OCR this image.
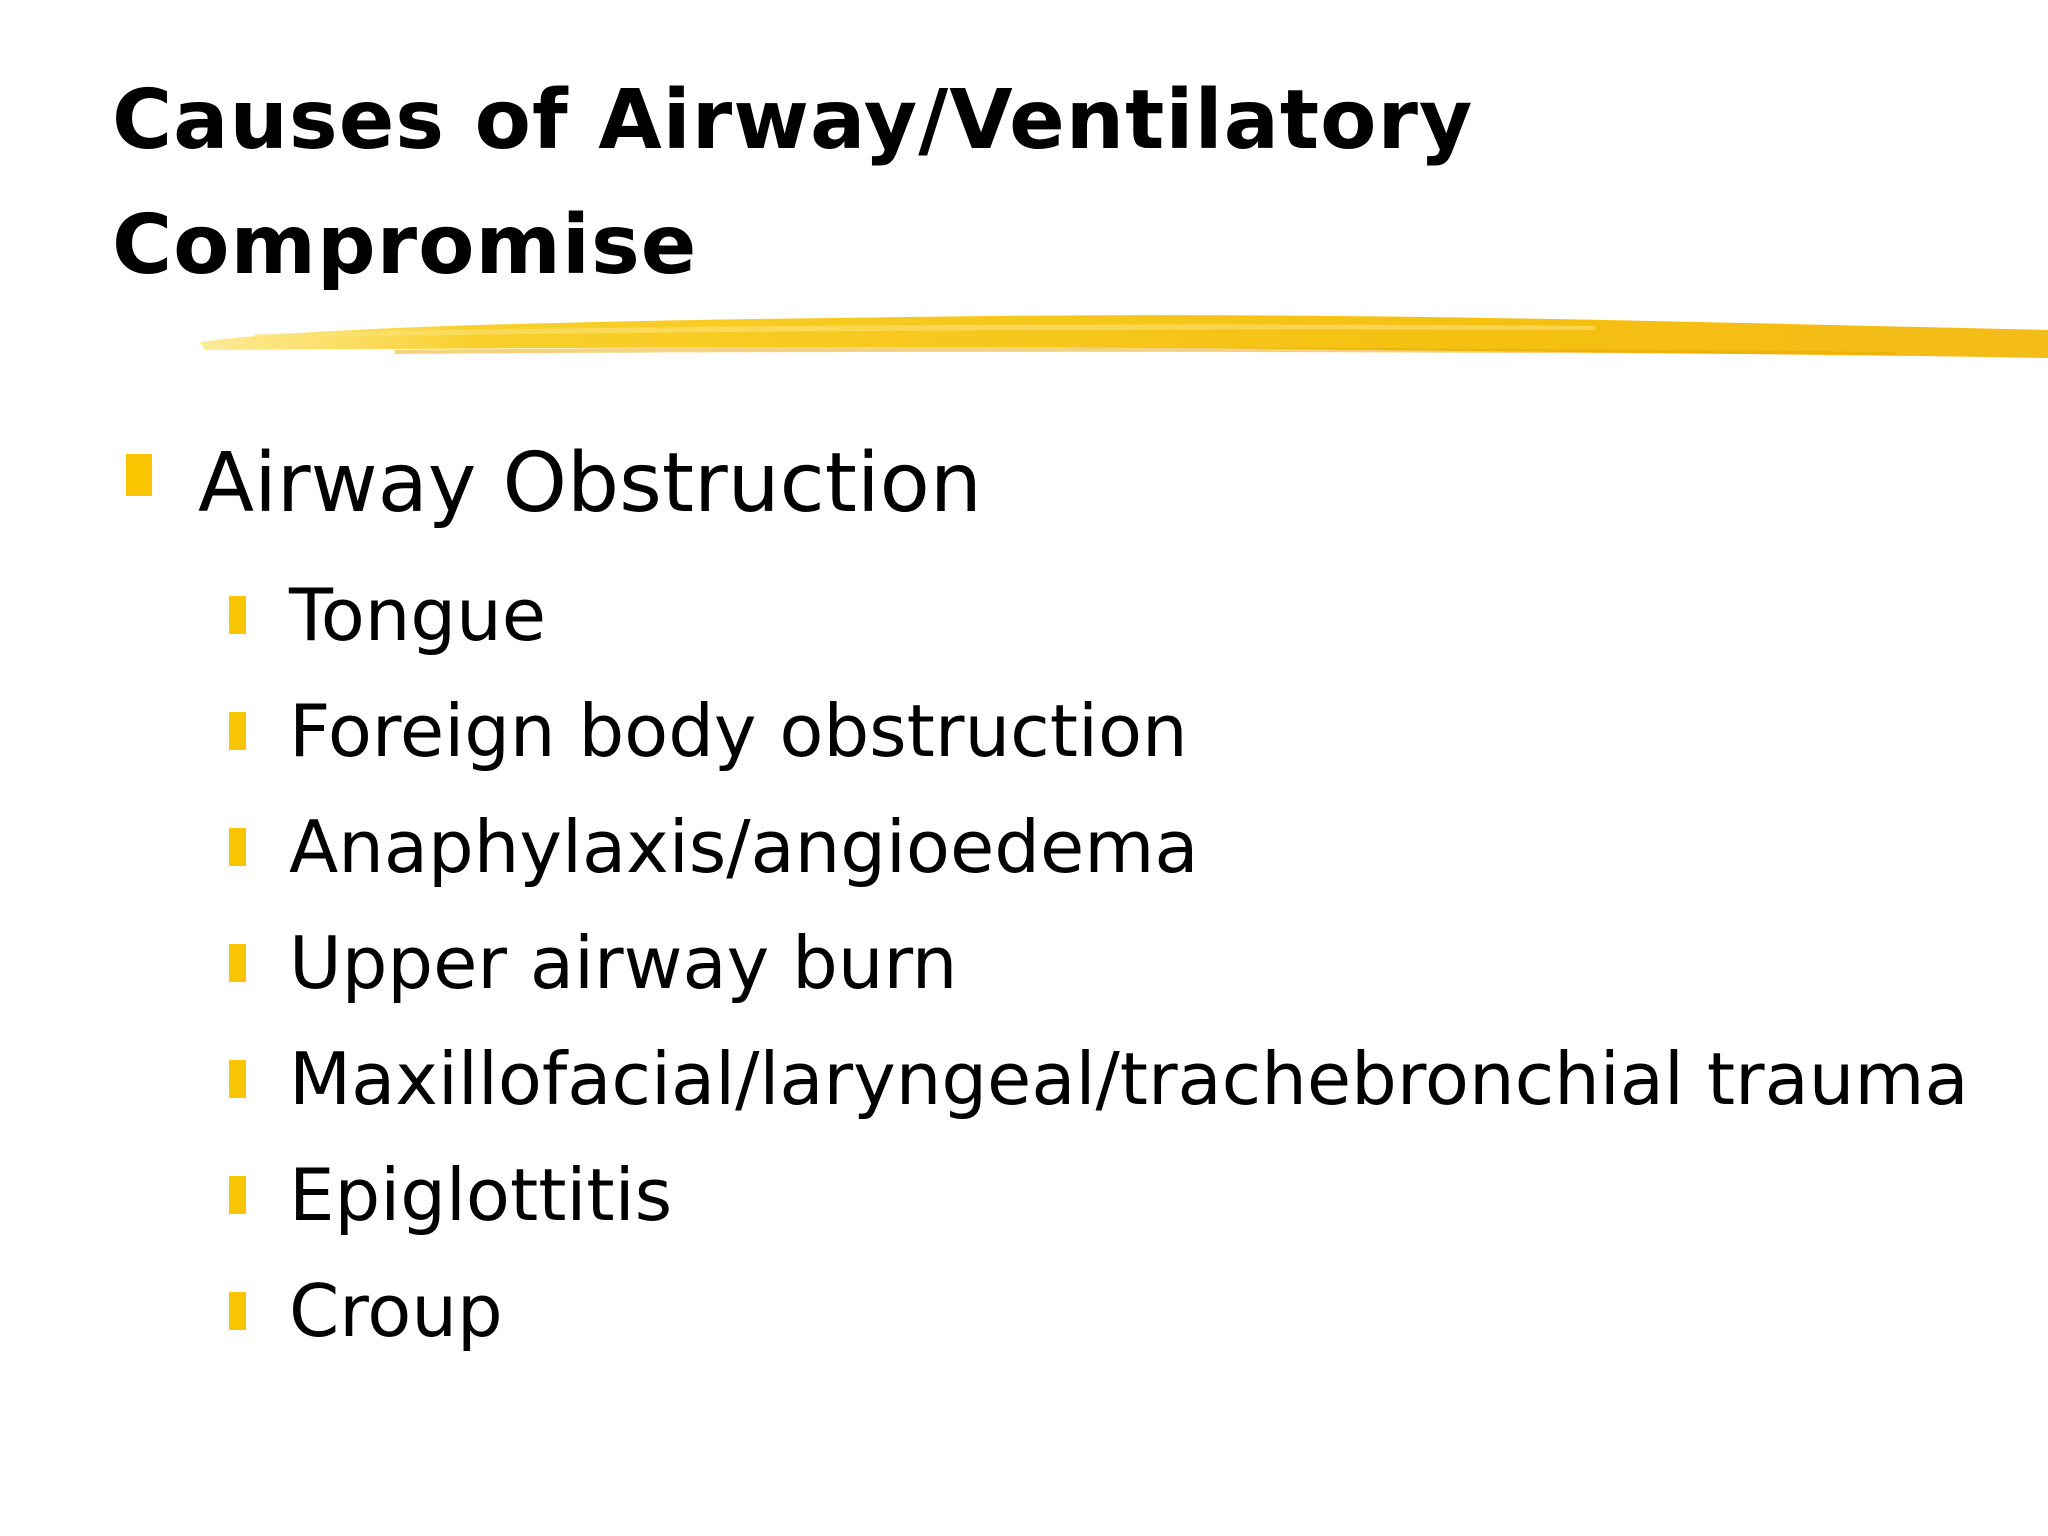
Causes of Airway/Ventilatory
Compromise
Airway Obstruction
Tongue
Foreign body obstruction
Anaphylaxis/angioedema
Upper airway burn
Maxillofacial/laryngeal/trachebronchial trauma
Epiglottitis
Croup
